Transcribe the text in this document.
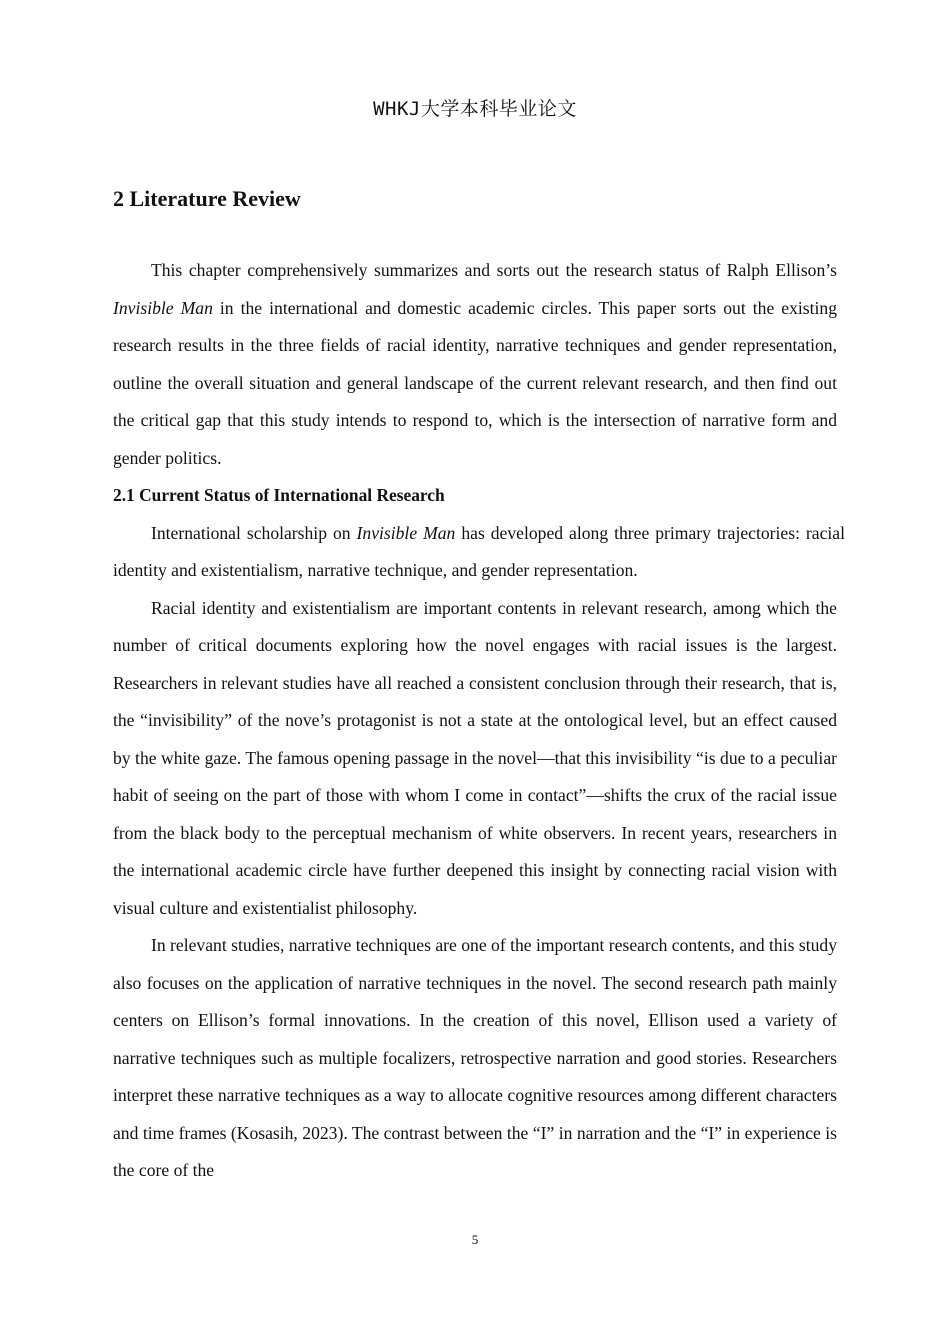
WHKJ大学本科毕业论文
2 Literature Review

This chapter comprehensively summarizes and sorts out the research status of Ralph Ellison’s Invisible Man in the international and domestic academic circles. This paper sorts out the existing research results in the three fields of racial identity, narrative techniques and gender representation, outline the overall situation and general landscape of the current relevant research, and then find out the critical gap that this study intends to respond to, which is the intersection of narrative form and gender politics.

2.1 Current Status of International Research

International scholarship on Invisible Man has developed along three primary trajectories: racial identity and existentialism, narrative technique, and gender representation.

Racial identity and existentialism are important contents in relevant research, among which the number of critical documents exploring how the novel engages with racial issues is the largest. Researchers in relevant studies have all reached a consistent conclusion through their research, that is, the “invisibility” of the nove’s protagonist is not a state at the ontological level, but an effect caused by the white gaze. The famous opening passage in the novel—that this invisibility “is due to a peculiar habit of seeing on the part of those with whom I come in contact”—shifts the crux of the racial issue from the black body to the perceptual mechanism of white observers. In recent years, researchers in the international academic circle have further deepened this insight by connecting racial vision with visual culture and existentialist philosophy.

In relevant studies, narrative techniques are one of the important research contents, and this study also focuses on the application of narrative techniques in the novel. The second research path mainly centers on Ellison’s formal innovations. In the creation of this novel, Ellison used a variety of narrative techniques such as multiple focalizers, retrospective narration and good stories. Researchers interpret these narrative techniques as a way to allocate cognitive resources among different characters and time frames (Kosasih, 2023). The contrast between the “I” in narration and the “I” in experience is the core of the

5
